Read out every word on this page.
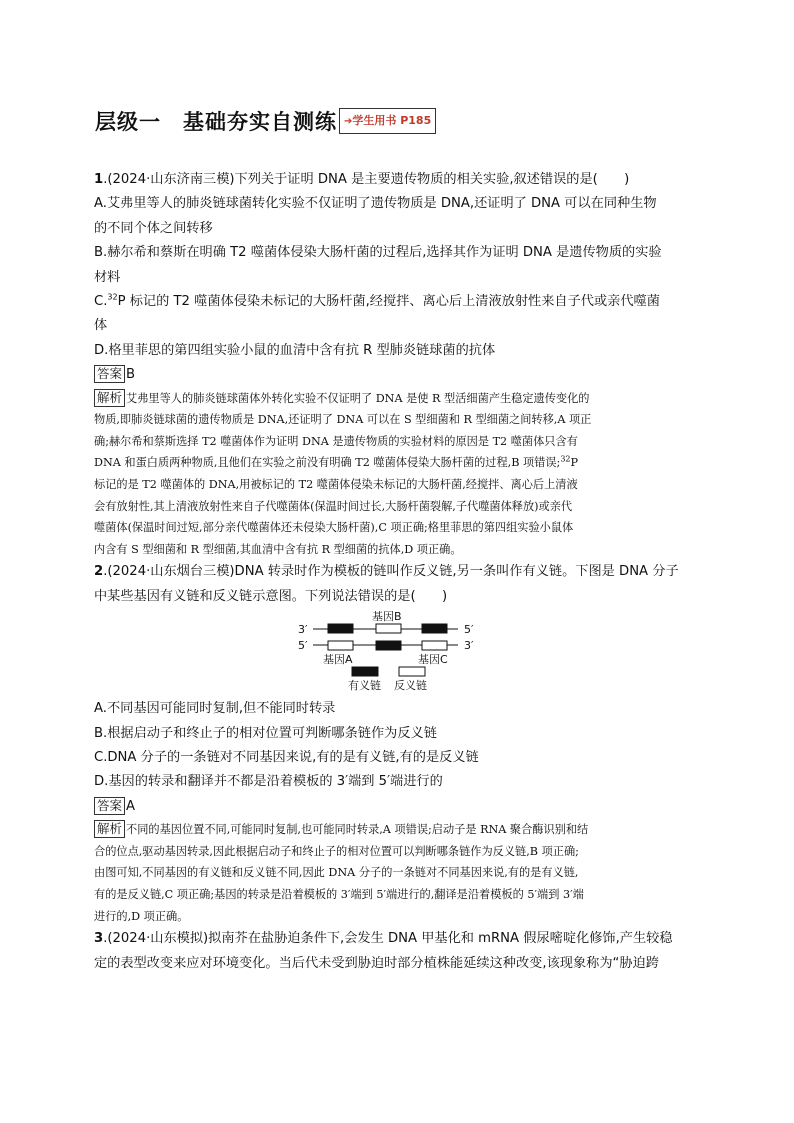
层级一　基础夯实自测练 ➔学生用书 P185
1.(2024·山东济南三模)下列关于证明 DNA 是主要遗传物质的相关实验,叙述错误的是(　　)
A.艾弗里等人的肺炎链球菌转化实验不仅证明了遗传物质是 DNA,还证明了 DNA 可以在同种生物
的不同个体之间转移
B.赫尔希和蔡斯在明确 T2 噬菌体侵染大肠杆菌的过程后,选择其作为证明 DNA 是遗传物质的实验
材料
C.$^{32}$P 标记的 T2 噬菌体侵染未标记的大肠杆菌,经搅拌、离心后上清液放射性来自子代或亲代噬菌
体
D.格里菲思的第四组实验小鼠的血清中含有抗 R 型肺炎链球菌的抗体
答案 B
解析 艾弗里等人的肺炎链球菌体外转化实验不仅证明了 DNA 是使 R 型活细菌产生稳定遗传变化的
物质,即肺炎链球菌的遗传物质是 DNA,还证明了 DNA 可以在 S 型细菌和 R 型细菌之间转移,A 项正
确;赫尔希和蔡斯选择 T2 噬菌体作为证明 DNA 是遗传物质的实验材料的原因是 T2 噬菌体只含有
DNA 和蛋白质两种物质,且他们在实验之前没有明确 T2 噬菌体侵染大肠杆菌的过程,B 项错误;$^{32}$P
标记的是 T2 噬菌体的 DNA,用被标记的 T2 噬菌体侵染未标记的大肠杆菌,经搅拌、离心后上清液
会有放射性,其上清液放射性来自子代噬菌体(保温时间过长,大肠杆菌裂解,子代噬菌体释放)或亲代
噬菌体(保温时间过短,部分亲代噬菌体还未侵染大肠杆菌),C 项正确;格里菲思的第四组实验小鼠体
内含有 S 型细菌和 R 型细菌,其血清中含有抗 R 型细菌的抗体,D 项正确。
2.(2024·山东烟台三模)DNA 转录时作为模板的链叫作反义链,另一条叫作有义链。下图是 DNA 分子
中某些基因有义链和反义链示意图。下列说法错误的是(　　)
3′	5′
5′	3′
基因B
基因A	基因C
有义链 反义链
A.不同基因可能同时复制,但不能同时转录
B.根据启动子和终止子的相对位置可判断哪条链作为反义链
C.DNA 分子的一条链对不同基因来说,有的是有义链,有的是反义链
D.基因的转录和翻译并不都是沿着模板的 3′端到 5′端进行的
答案 A
解析 不同的基因位置不同,可能同时复制,也可能同时转录,A 项错误;启动子是 RNA 聚合酶识别和结
合的位点,驱动基因转录,因此根据启动子和终止子的相对位置可以判断哪条链作为反义链,B 项正确;
由图可知,不同基因的有义链和反义链不同,因此 DNA 分子的一条链对不同基因来说,有的是有义链,
有的是反义链,C 项正确;基因的转录是沿着模板的 3′端到 5′端进行的,翻译是沿着模板的 5′端到 3′端
进行的,D 项正确。
3.(2024·山东模拟)拟南芥在盐胁迫条件下,会发生 DNA 甲基化和 mRNA 假尿嘧啶化修饰,产生较稳
定的表型改变来应对环境变化。当后代未受到胁迫时部分植株能延续这种改变,该现象称为“胁迫跨
